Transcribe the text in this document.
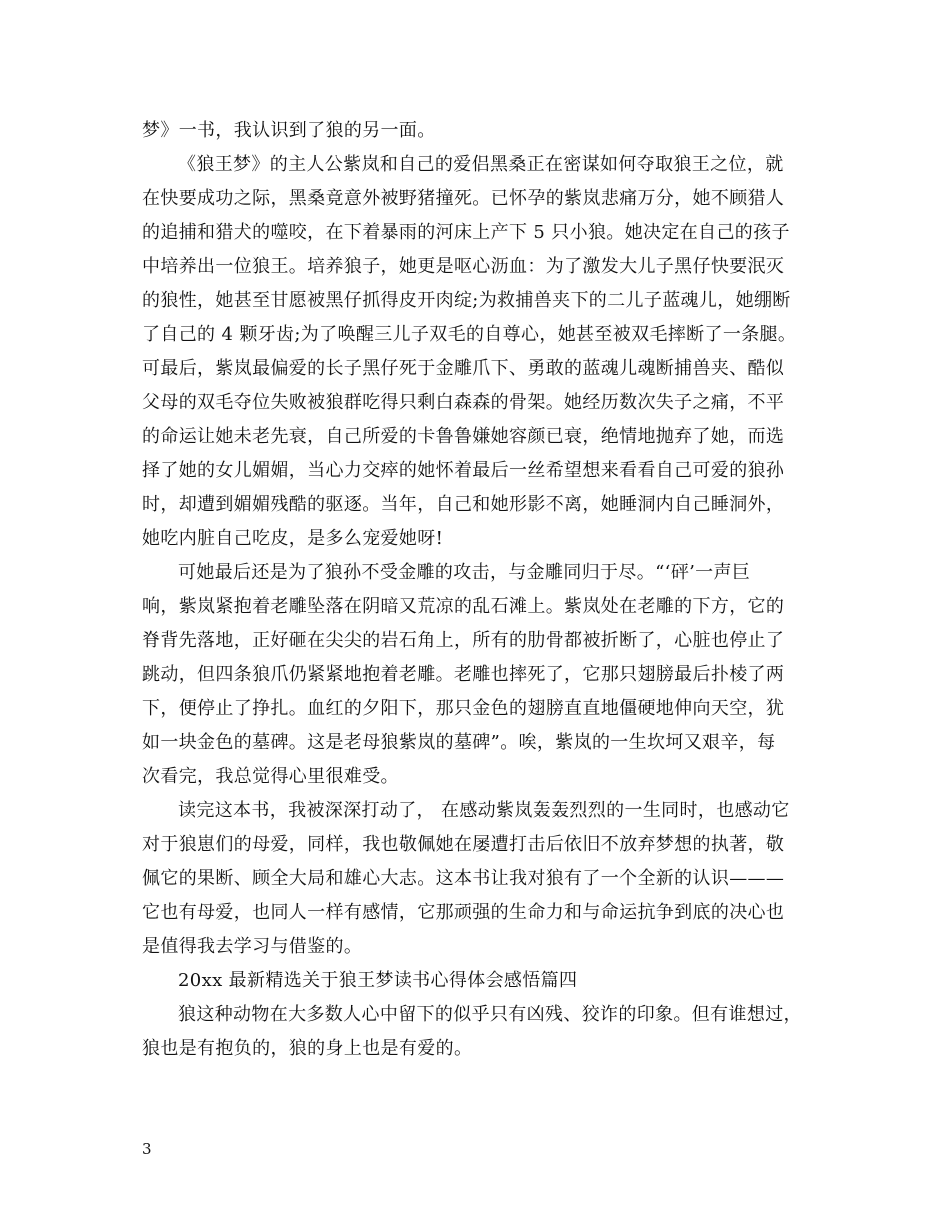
梦》一书，我认识到了狼的另一面。
《狼王梦》的主人公紫岚和自己的爱侣黑桑正在密谋如何夺取狼王之位，就
在快要成功之际，黑桑竟意外被野猪撞死。已怀孕的紫岚悲痛万分，她不顾猎人
的追捕和猎犬的噬咬，在下着暴雨的河床上产下 5 只小狼。她决定在自己的孩子
中培养出一位狼王。培养狼子，她更是呕心沥血：为了激发大儿子黑仔快要泯灭
的狼性，她甚至甘愿被黑仔抓得皮开肉绽;为救捕兽夹下的二儿子蓝魂儿，她绷断
了自己的 4 颗牙齿;为了唤醒三儿子双毛的自尊心，她甚至被双毛摔断了一条腿。
可最后，紫岚最偏爱的长子黑仔死于金雕爪下、勇敢的蓝魂儿魂断捕兽夹、酷似
父母的双毛夺位失败被狼群吃得只剩白森森的骨架。她经历数次失子之痛，不平
的命运让她未老先衰，自己所爱的卡鲁鲁嫌她容颜已衰，绝情地抛弃了她，而选
择了她的女儿媚媚，当心力交瘁的她怀着最后一丝希望想来看看自己可爱的狼孙
时，却遭到媚媚残酷的驱逐。当年，自己和她形影不离，她睡洞内自己睡洞外，
她吃内脏自己吃皮，是多么宠爱她呀!
可她最后还是为了狼孙不受金雕的攻击，与金雕同归于尽。“‘砰’一声巨
响，紫岚紧抱着老雕坠落在阴暗又荒凉的乱石滩上。紫岚处在老雕的下方，它的
脊背先落地，正好砸在尖尖的岩石角上，所有的肋骨都被折断了，心脏也停止了
跳动，但四条狼爪仍紧紧地抱着老雕。老雕也摔死了，它那只翅膀最后扑棱了两
下，便停止了挣扎。血红的夕阳下，那只金色的翅膀直直地僵硬地伸向天空，犹
如一块金色的墓碑。这是老母狼紫岚的墓碑”。唉，紫岚的一生坎坷又艰辛，每
次看完，我总觉得心里很难受。
读完这本书，我被深深打动了， 在感动紫岚轰轰烈烈的一生同时，也感动它
对于狼崽们的母爱，同样，我也敬佩她在屡遭打击后依旧不放弃梦想的执著，敬
佩它的果断、顾全大局和雄心大志。这本书让我对狼有了一个全新的认识———
它也有母爱，也同人一样有感情，它那顽强的生命力和与命运抗争到底的决心也
是值得我去学习与借鉴的。
20xx 最新精选关于狼王梦读书心得体会感悟篇四
狼这种动物在大多数人心中留下的似乎只有凶残、狡诈的印象。但有谁想过，
狼也是有抱负的，狼的身上也是有爱的。
3
